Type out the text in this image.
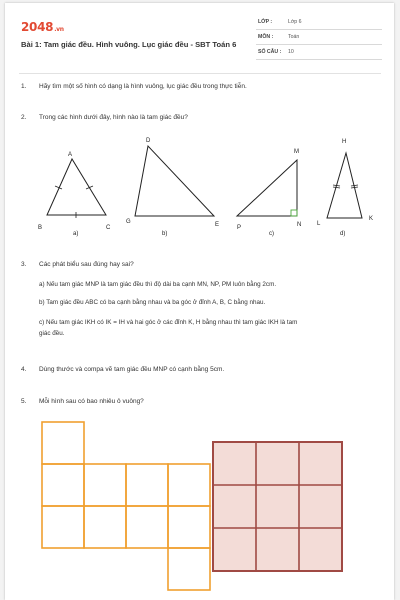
2048.vn
Bài 1: Tam giác đều. Hình vuông. Lục giác đều - SBT Toán 6
LỚP :	Lớp 6
MÔN :	Toán
SỐ CÂU : 10
1. Hãy tìm một số hình có dạng là hình vuông, lục giác đều trong thực tiễn.
2. Trong các hình dưới đây, hình nào là tam giác đều?
A
B	C
a)
D
G	E
b)
M
P	N
c)
H
L
K
d)
3. Các phát biểu sau đúng hay sai?
a) Nếu tam giác MNP là tam giác đều thì độ dài ba cạnh MN, NP, PM luôn bằng 2cm.
b) Tam giác đều ABC có ba cạnh bằng nhau và ba góc ở đỉnh A, B, C bằng nhau.
c) Nếu tam giác IKH có IK = IH và hai góc ở các đỉnh K, H bằng nhau thì tam giác IKH là tam
giác đều.
4. Dùng thước và compa vẽ tam giác đều MNP có cạnh bằng 5cm.
5. Mỗi hình sau có bao nhiêu ô vuông?
